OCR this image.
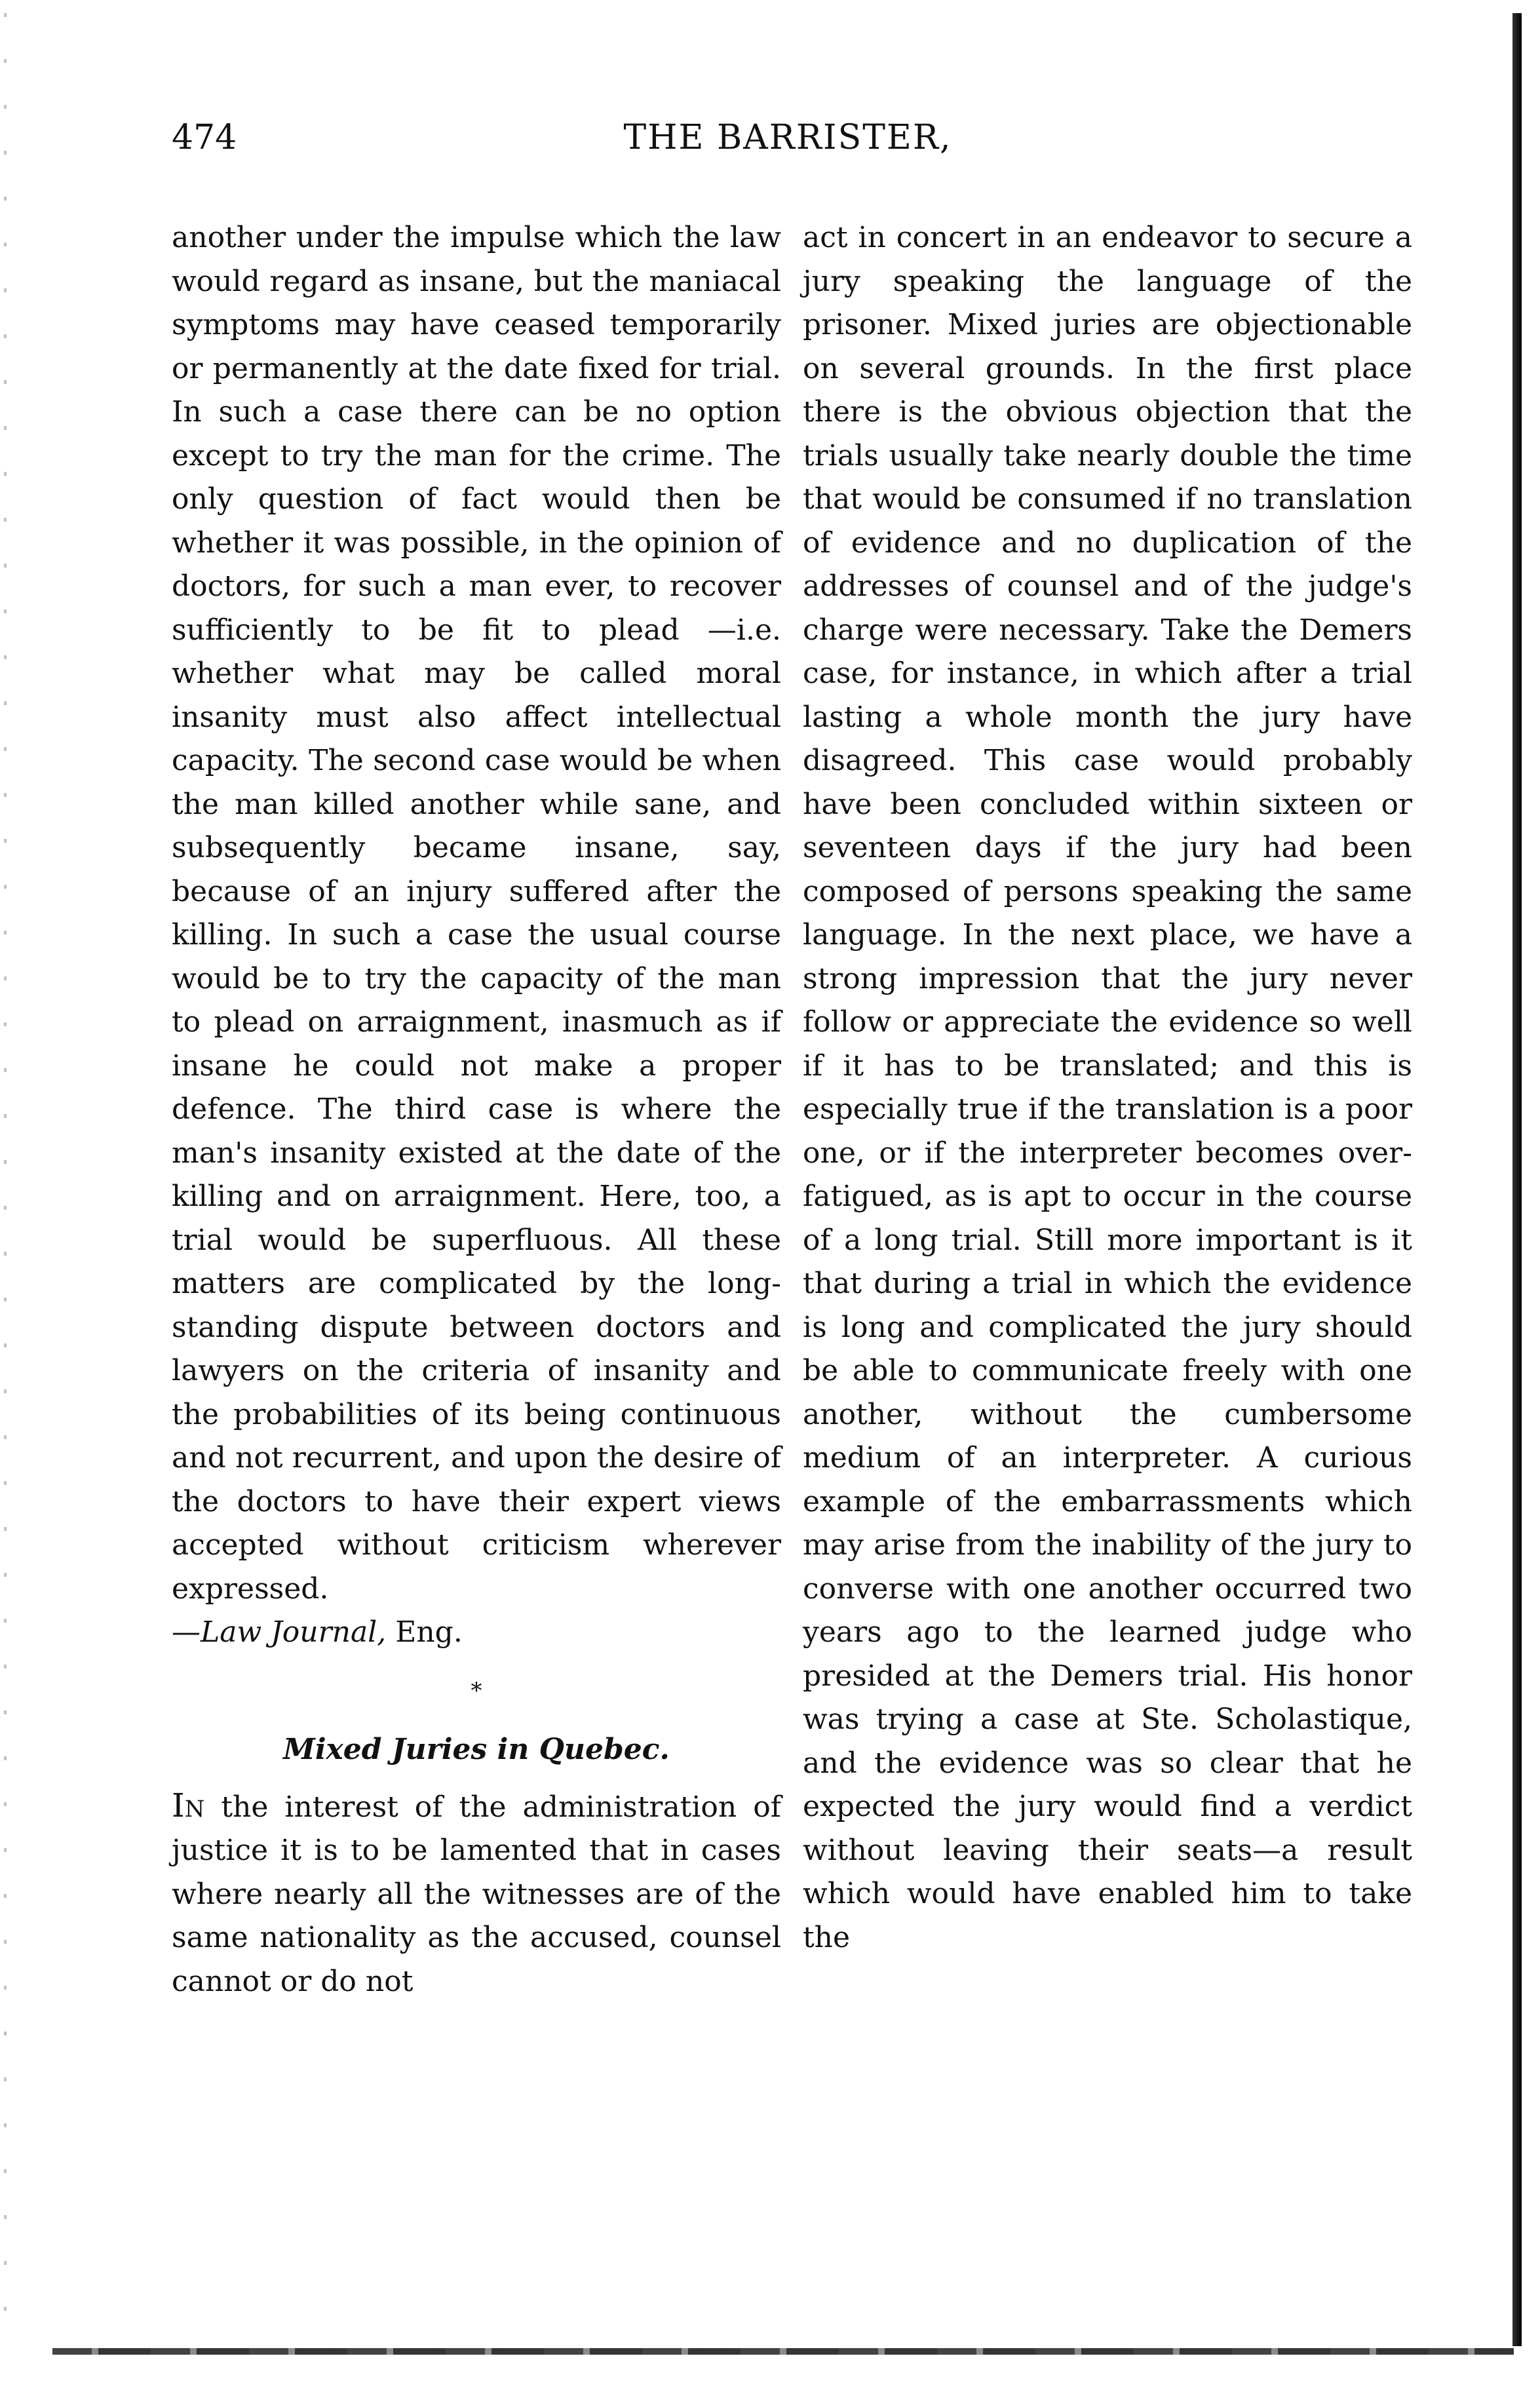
474	THE BARRISTER,

another under the impulse which the law would regard as insane, but the maniacal symptoms may have ceased temporarily or permanently at the date fixed for trial. In such a case there can be no option except to try the man for the crime. The only question of fact would then be whether it was possible, in the opinion of doctors, for such a man ever, to recover sufficiently to be fit to plead —i.e. whether what may be called moral insanity must also affect intellectual capacity. The second case would be when the man killed another while sane, and subsequently became insane, say, because of an injury suffered after the killing. In such a case the usual course would be to try the capacity of the man to plead on arraignment, inasmuch as if insane he could not make a proper defence. The third case is where the man's insanity existed at the date of the killing and on arraignment. Here, too, a trial would be superfluous. All these matters are complicated by the long-standing dispute between doctors and lawyers on the criteria of insanity and the probabilities of its being continuous and not recurrent, and upon the desire of the doctors to have their expert views accepted without criticism wherever expressed.

—Law Journal, Eng.

*
Mixed Juries in Quebec.

In the interest of the administration of justice it is to be lamented that in cases where nearly all the witnesses are of the same nationality as the accused, counsel cannot or do not

act in concert in an endeavor to secure a jury speaking the language of the prisoner. Mixed juries are objectionable on several grounds. In the first place there is the obvious objection that the trials usually take nearly double the time that would be consumed if no translation of evidence and no duplication of the addresses of counsel and of the judge's charge were necessary. Take the Demers case, for instance, in which after a trial lasting a whole month the jury have disagreed. This case would probably have been concluded within sixteen or seventeen days if the jury had been composed of persons speaking the same language. In the next place, we have a strong impression that the jury never follow or appreciate the evidence so well if it has to be translated; and this is especially true if the translation is a poor one, or if the interpreter becomes over-fatigued, as is apt to occur in the course of a long trial. Still more important is it that during a trial in which the evidence is long and complicated the jury should be able to communicate freely with one another, without the cumbersome medium of an interpreter. A curious example of the embarrassments which may arise from the inability of the jury to converse with one another occurred two years ago to the learned judge who presided at the Demers trial. His honor was trying a case at Ste. Scholastique, and the evidence was so clear that he expected the jury would find a verdict without leaving their seats—a result which would have enabled him to take the
